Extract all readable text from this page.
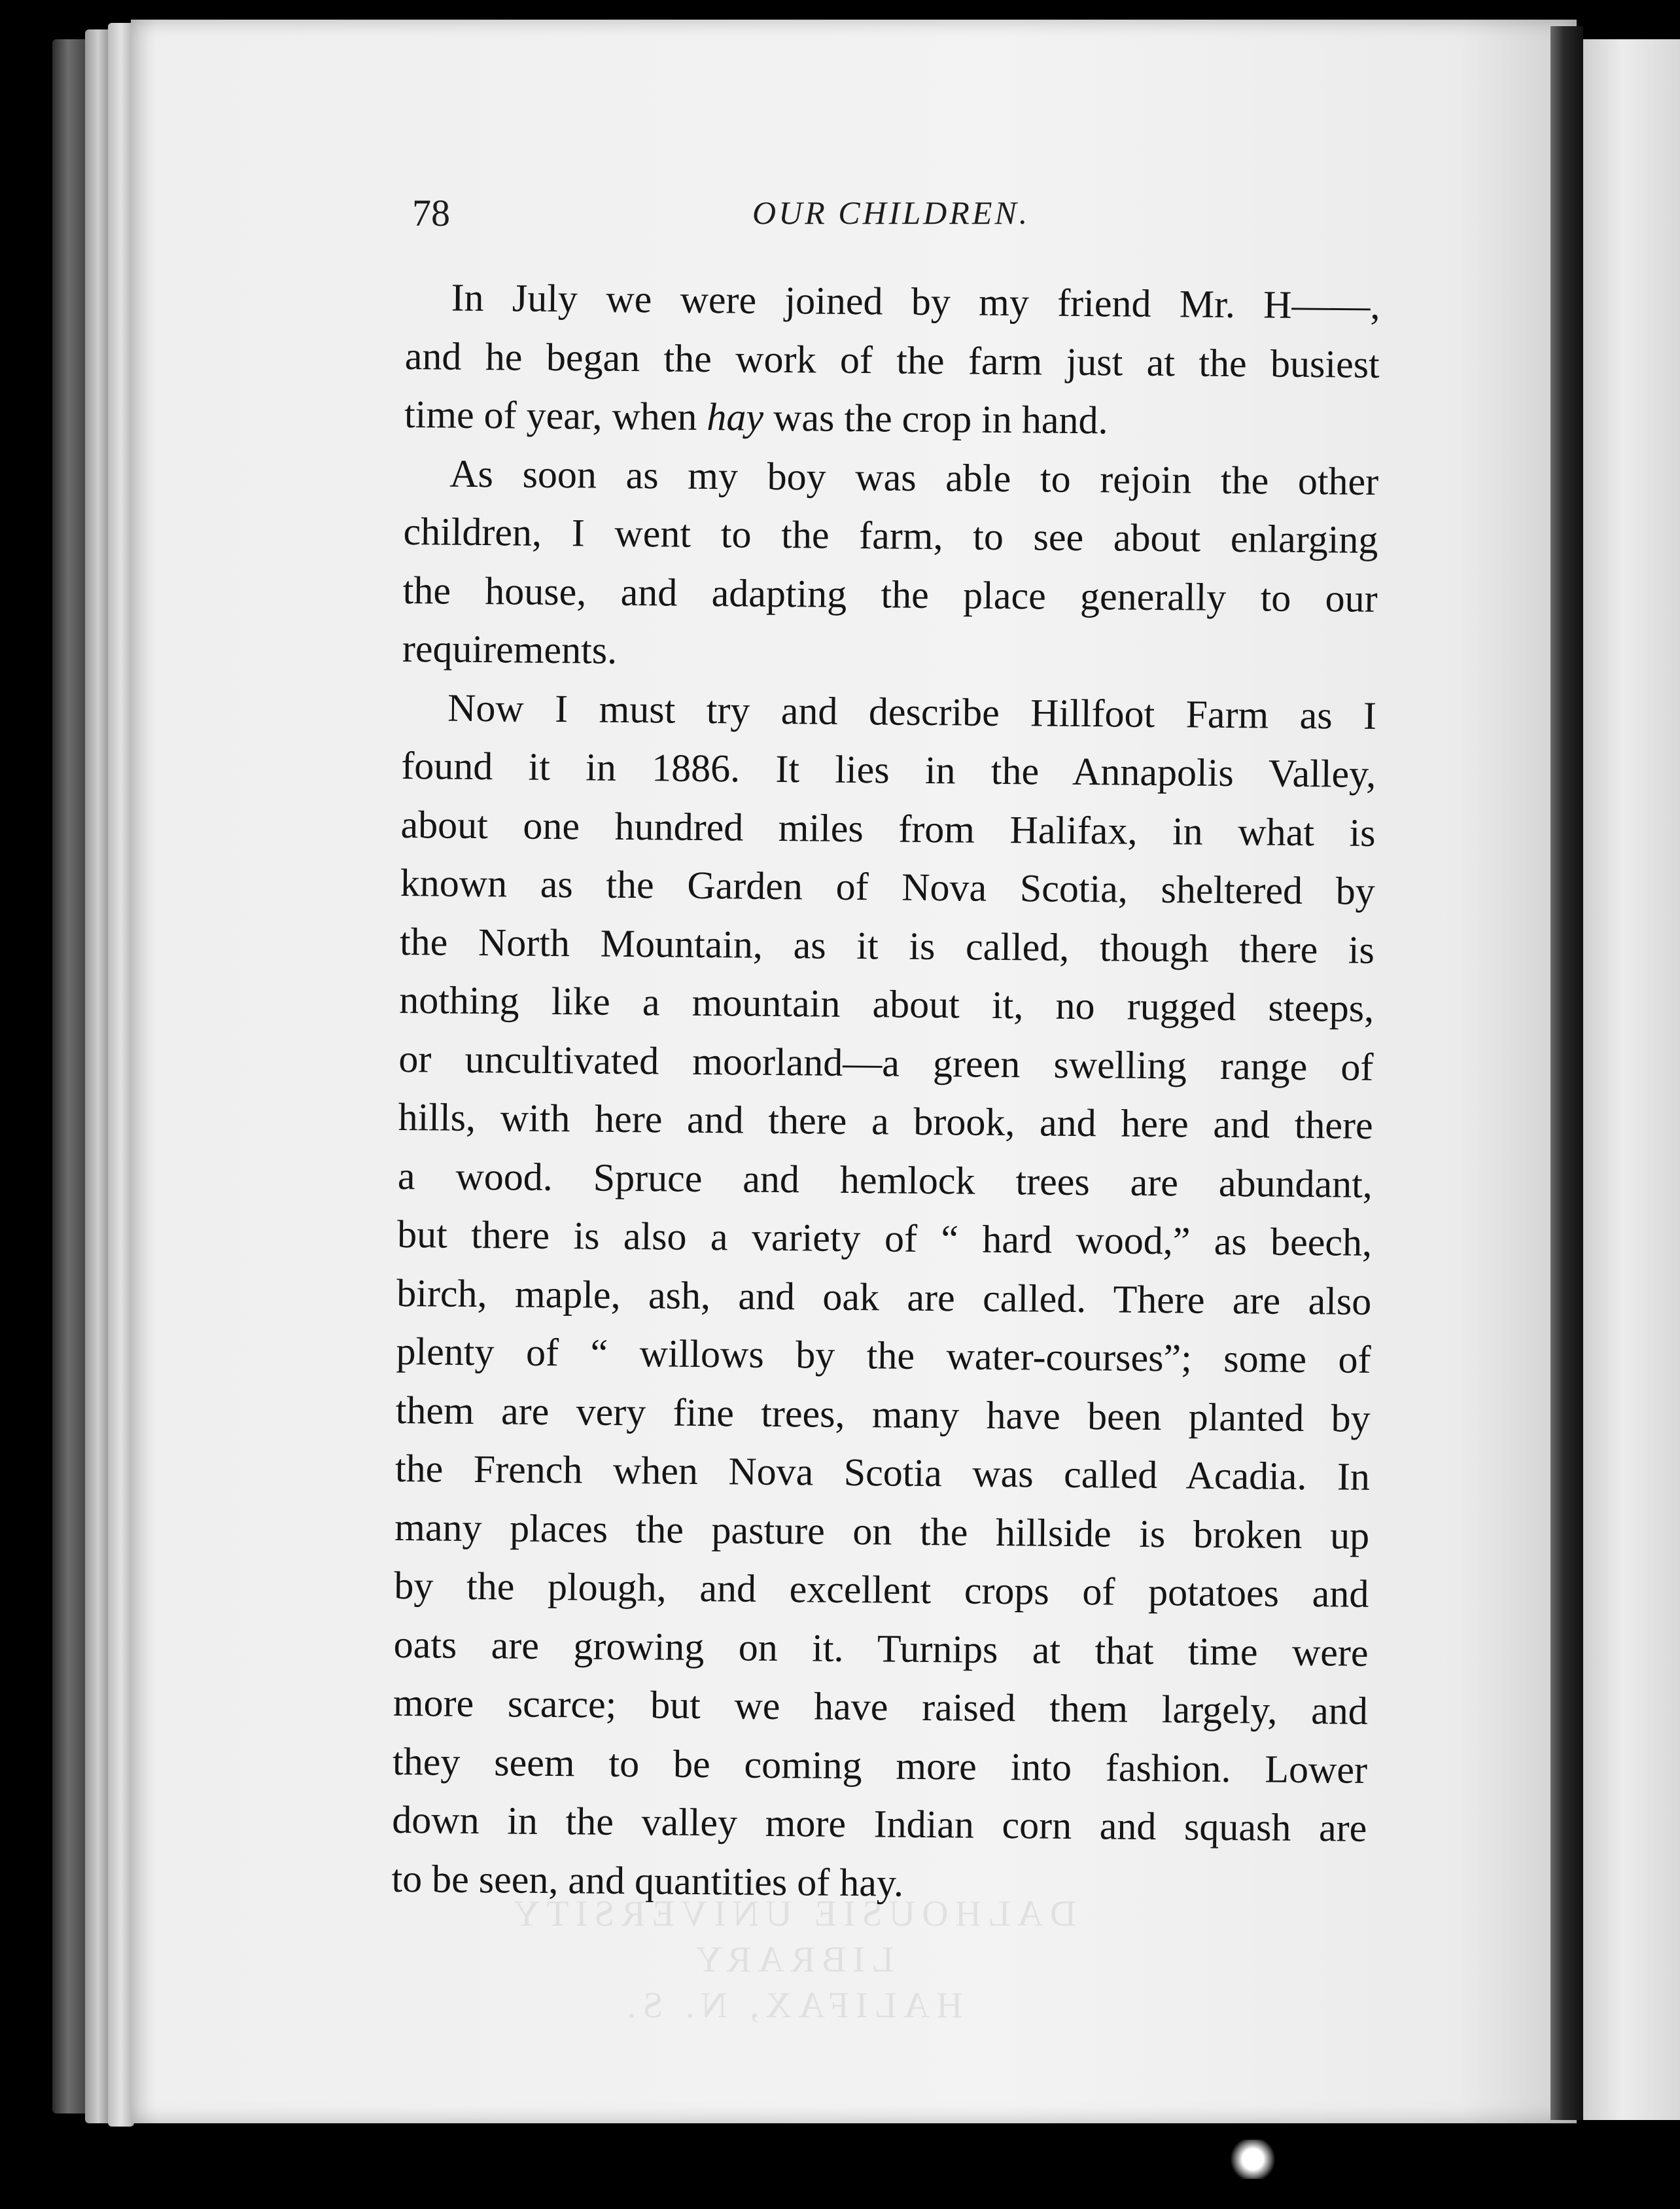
78	OUR CHILDREN.
In July we were joined by my friend Mr. H——,
and he began the work of the farm just at the busiest
time of year, when hay was the crop in hand.
As soon as my boy was able to rejoin the other
children, I went to the farm, to see about enlarging
the house, and adapting the place generally to our
requirements.
Now I must try and describe Hillfoot Farm as I
found it in 1886. It lies in the Annapolis Valley,
about one hundred miles from Halifax, in what is
known as the Garden of Nova Scotia, sheltered by
the North Mountain, as it is called, though there is
nothing like a mountain about it, no rugged steeps,
or uncultivated moorland—a green swelling range of
hills, with here and there a brook, and here and there
a wood. Spruce and hemlock trees are abundant,
but there is also a variety of “ hard wood,” as beech,
birch, maple, ash, and oak are called. There are also
plenty of “ willows by the water-courses”; some of
them are very fine trees, many have been planted by
the French when Nova Scotia was called Acadia. In
many places the pasture on the hillside is broken up
by the plough, and excellent crops of potatoes and
oats are growing on it. Turnips at that time were
more scarce; but we have raised them largely, and
they seem to be coming more into fashion. Lower
down in the valley more Indian corn and squash are
to be seen, and quantities of hay.
DALHOUSIE UNIVERSITY
LIBRARY
HALIFAX, N. S.
